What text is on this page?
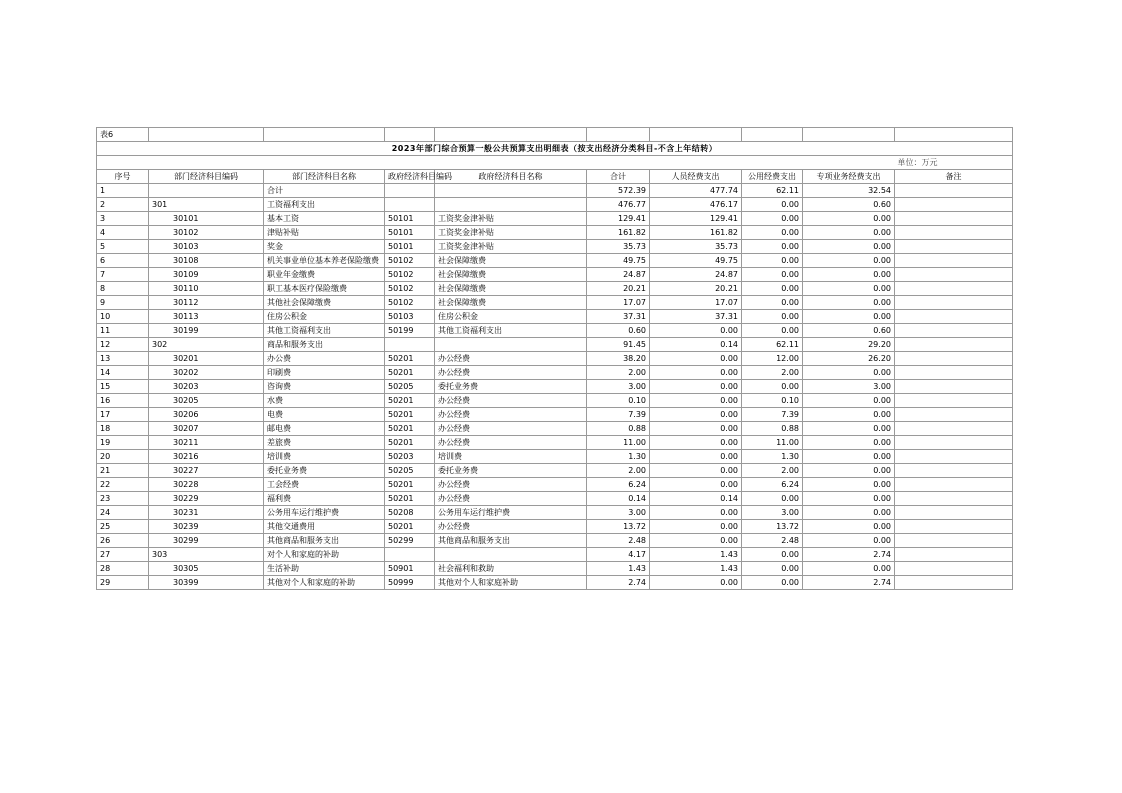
表6									
2023年部门综合预算一般公共预算支出明细表（按支出经济分类科目-不含上年结转）									
									单位：万元
序号	部门经济科目编码	部门经济科目名称	政府经济科目编码	政府经济科目名称	合计	人员经费支出	公用经费支出	专项业务经费支出	备注
1		合计			572.39	477.74	62.11	32.54	
2	301	工资福利支出			476.77	476.17	0.00	0.60	
3	30101	基本工资	50101	工资奖金津补贴	129.41	129.41	0.00	0.00	
4	30102	津贴补贴	50101	工资奖金津补贴	161.82	161.82	0.00	0.00	
5	30103	奖金	50101	工资奖金津补贴	35.73	35.73	0.00	0.00	
6	30108	机关事业单位基本养老保险缴费	50102	社会保障缴费	49.75	49.75	0.00	0.00	
7	30109	职业年金缴费	50102	社会保障缴费	24.87	24.87	0.00	0.00	
8	30110	职工基本医疗保险缴费	50102	社会保障缴费	20.21	20.21	0.00	0.00	
9	30112	其他社会保障缴费	50102	社会保障缴费	17.07	17.07	0.00	0.00	
10	30113	住房公积金	50103	住房公积金	37.31	37.31	0.00	0.00	
11	30199	其他工资福利支出	50199	其他工资福利支出	0.60	0.00	0.00	0.60	
12	302	商品和服务支出			91.45	0.14	62.11	29.20	
13	30201	办公费	50201	办公经费	38.20	0.00	12.00	26.20	
14	30202	印刷费	50201	办公经费	2.00	0.00	2.00	0.00	
15	30203	咨询费	50205	委托业务费	3.00	0.00	0.00	3.00	
16	30205	水费	50201	办公经费	0.10	0.00	0.10	0.00	
17	30206	电费	50201	办公经费	7.39	0.00	7.39	0.00	
18	30207	邮电费	50201	办公经费	0.88	0.00	0.88	0.00	
19	30211	差旅费	50201	办公经费	11.00	0.00	11.00	0.00	
20	30216	培训费	50203	培训费	1.30	0.00	1.30	0.00	
21	30227	委托业务费	50205	委托业务费	2.00	0.00	2.00	0.00	
22	30228	工会经费	50201	办公经费	6.24	0.00	6.24	0.00	
23	30229	福利费	50201	办公经费	0.14	0.14	0.00	0.00	
24	30231	公务用车运行维护费	50208	公务用车运行维护费	3.00	0.00	3.00	0.00	
25	30239	其他交通费用	50201	办公经费	13.72	0.00	13.72	0.00	
26	30299	其他商品和服务支出	50299	其他商品和服务支出	2.48	0.00	2.48	0.00	
27	303	对个人和家庭的补助			4.17	1.43	0.00	2.74	
28	30305	生活补助	50901	社会福利和救助	1.43	1.43	0.00	0.00	
29	30399	其他对个人和家庭的补助	50999	其他对个人和家庭补助	2.74	0.00	0.00	2.74	
